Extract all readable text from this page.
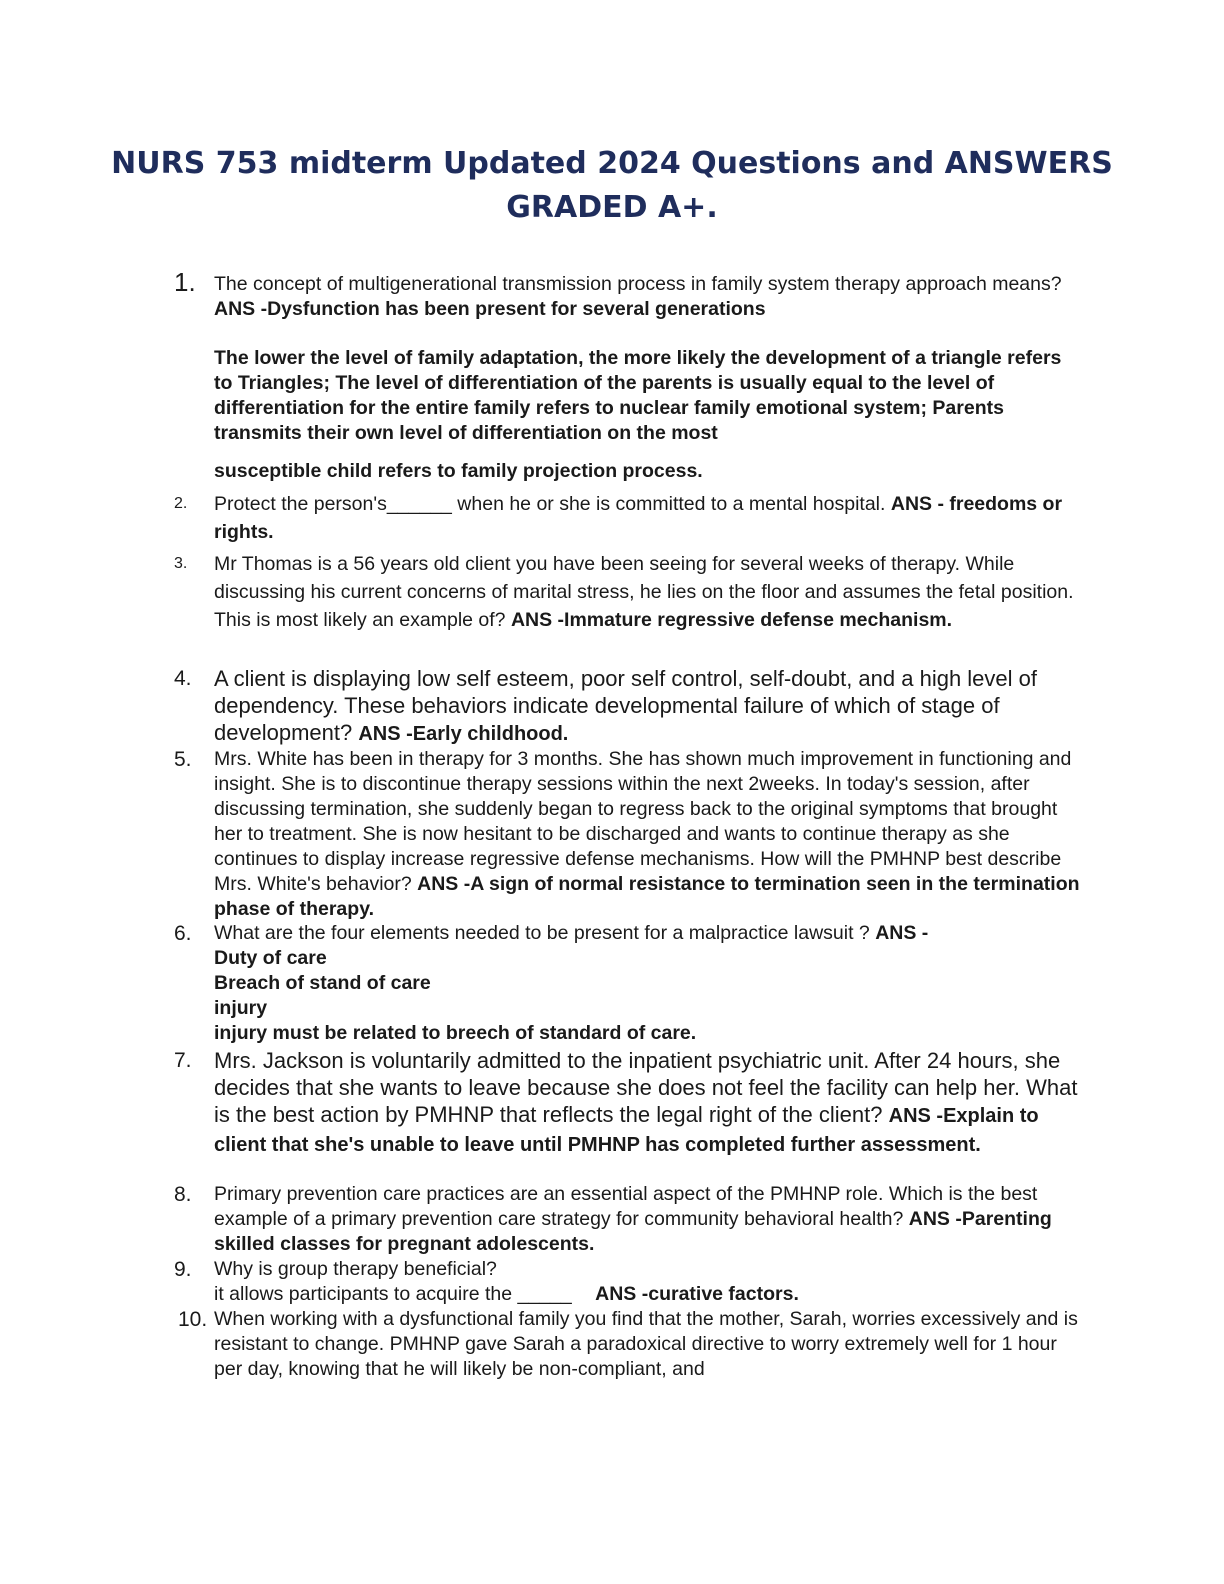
NURS 753 midterm Updated 2024 Questions and ANSWERS
GRADED A+.
1. The concept of multigenerational transmission process in family system therapy approach means? ANS -Dysfunction has been present for several generations
The lower the level of family adaptation, the more likely the development of a triangle refers to Triangles; The level of differentiation of the parents is usually equal to the level of differentiation for the entire family refers to nuclear family emotional system; Parents transmits their own level of differentiation on the most
susceptible child refers to family projection process.
2. Protect the person's______ when he or she is committed to a mental hospital. ANS - freedoms or rights.
3. Mr Thomas is a 56 years old client you have been seeing for several weeks of therapy. While discussing his current concerns of marital stress, he lies on the floor and assumes the fetal position. This is most likely an example of? ANS -Immature regressive defense mechanism.
4. A client is displaying low self esteem, poor self control, self-doubt, and a high level of dependency. These behaviors indicate developmental failure of which of stage of development? ANS -Early childhood.
5. Mrs. White has been in therapy for 3 months. She has shown much improvement in functioning and insight. She is to discontinue therapy sessions within the next 2weeks. In today's session, after discussing termination, she suddenly began to regress back to the original symptoms that brought her to treatment. She is now hesitant to be discharged and wants to continue therapy as she continues to display increase regressive defense mechanisms. How will the PMHNP best describe Mrs. White's behavior? ANS -A sign of normal resistance to termination seen in the termination phase of therapy.
6. What are the four elements needed to be present for a malpractice lawsuit ? ANS -
Duty of care
Breach of stand of care
injury
injury must be related to breech of standard of care.
7. Mrs. Jackson is voluntarily admitted to the inpatient psychiatric unit. After 24 hours, she decides that she wants to leave because she does not feel the facility can help her. What is the best action by PMHNP that reflects the legal right of the client? ANS -Explain to client that she's unable to leave until PMHNP has completed further assessment.
8. Primary prevention care practices are an essential aspect of the PMHNP role. Which is the best example of a primary prevention care strategy for community behavioral health? ANS -Parenting skilled classes for pregnant adolescents.
9. Why is group therapy beneficial?
it allows participants to acquire the _____ ANS -curative factors.
10. When working with a dysfunctional family you find that the mother, Sarah, worries excessively and is resistant to change. PMHNP gave Sarah a paradoxical directive to worry extremely well for 1 hour per day, knowing that he will likely be non-compliant, and
